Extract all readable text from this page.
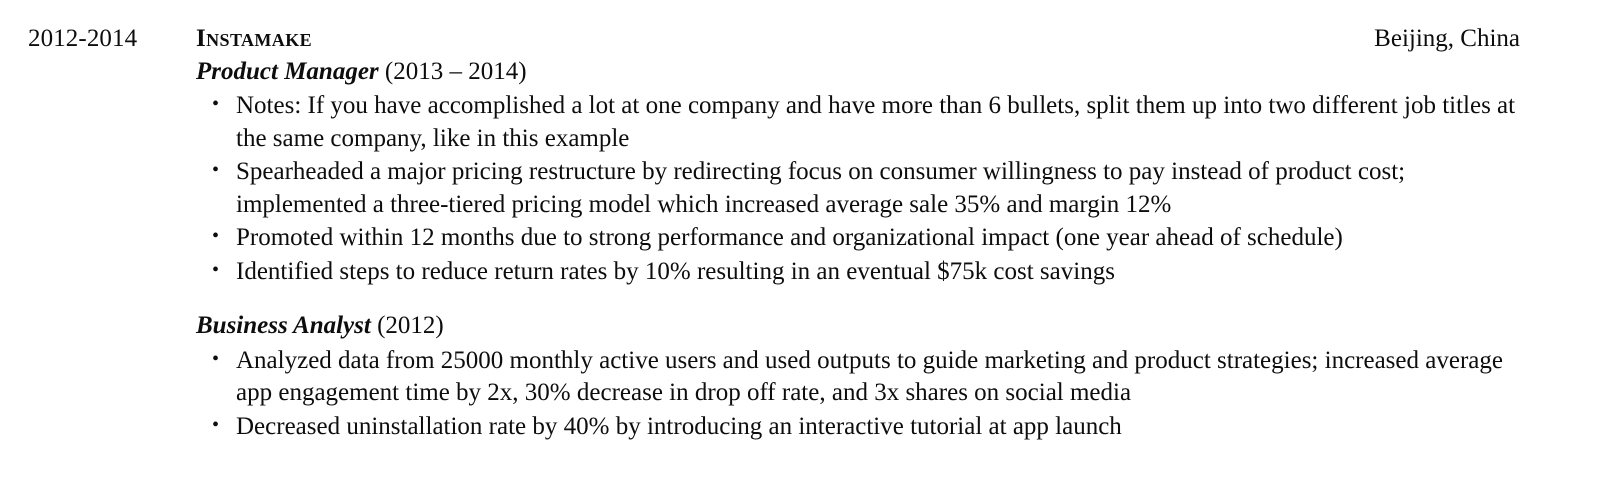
2012-2014	Instamake	Beijing, China
Product Manager (2013 – 2014)
• Notes: If you have accomplished a lot at one company and have more than 6 bullets, split them up into two different job titles at the same company, like in this example
• Spearheaded a major pricing restructure by redirecting focus on consumer willingness to pay instead of product cost; implemented a three-tiered pricing model which increased average sale 35% and margin 12%
• Promoted within 12 months due to strong performance and organizational impact (one year ahead of schedule)
• Identified steps to reduce return rates by 10% resulting in an eventual $75k cost savings
Business Analyst (2012)
• Analyzed data from 25000 monthly active users and used outputs to guide marketing and product strategies; increased average app engagement time by 2x, 30% decrease in drop off rate, and 3x shares on social media
• Decreased uninstallation rate by 40% by introducing an interactive tutorial at app launch
